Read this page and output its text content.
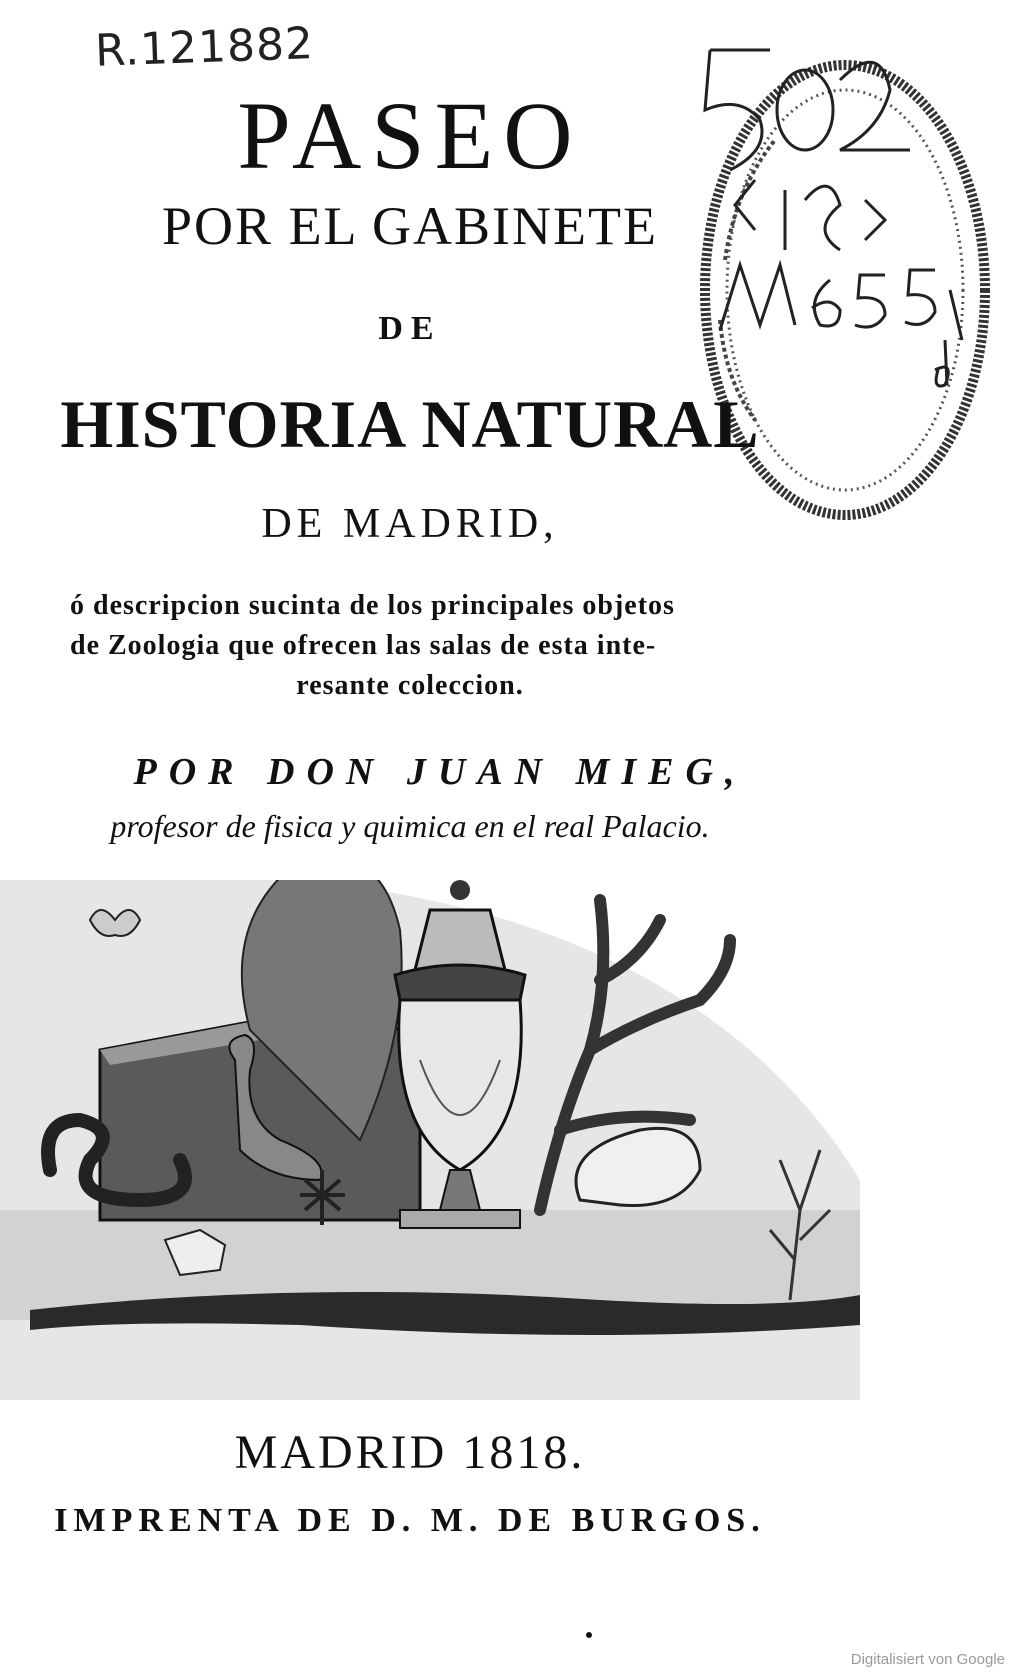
R.121882	502
PASEO
POR EL GABINETE
DE
HISTORIA NATURAL
DE MADRID,
ó descripcion sucinta de los principales objetos
de Zoologia que ofrecen las salas de esta inte-
resante coleccion.
POR DON JUAN MIEG,
profesor de fisica y quimica en el real Palacio.
MADRID 1818.
IMPRENTA DE D. M. DE BURGOS.
Digitalisiert von Google
